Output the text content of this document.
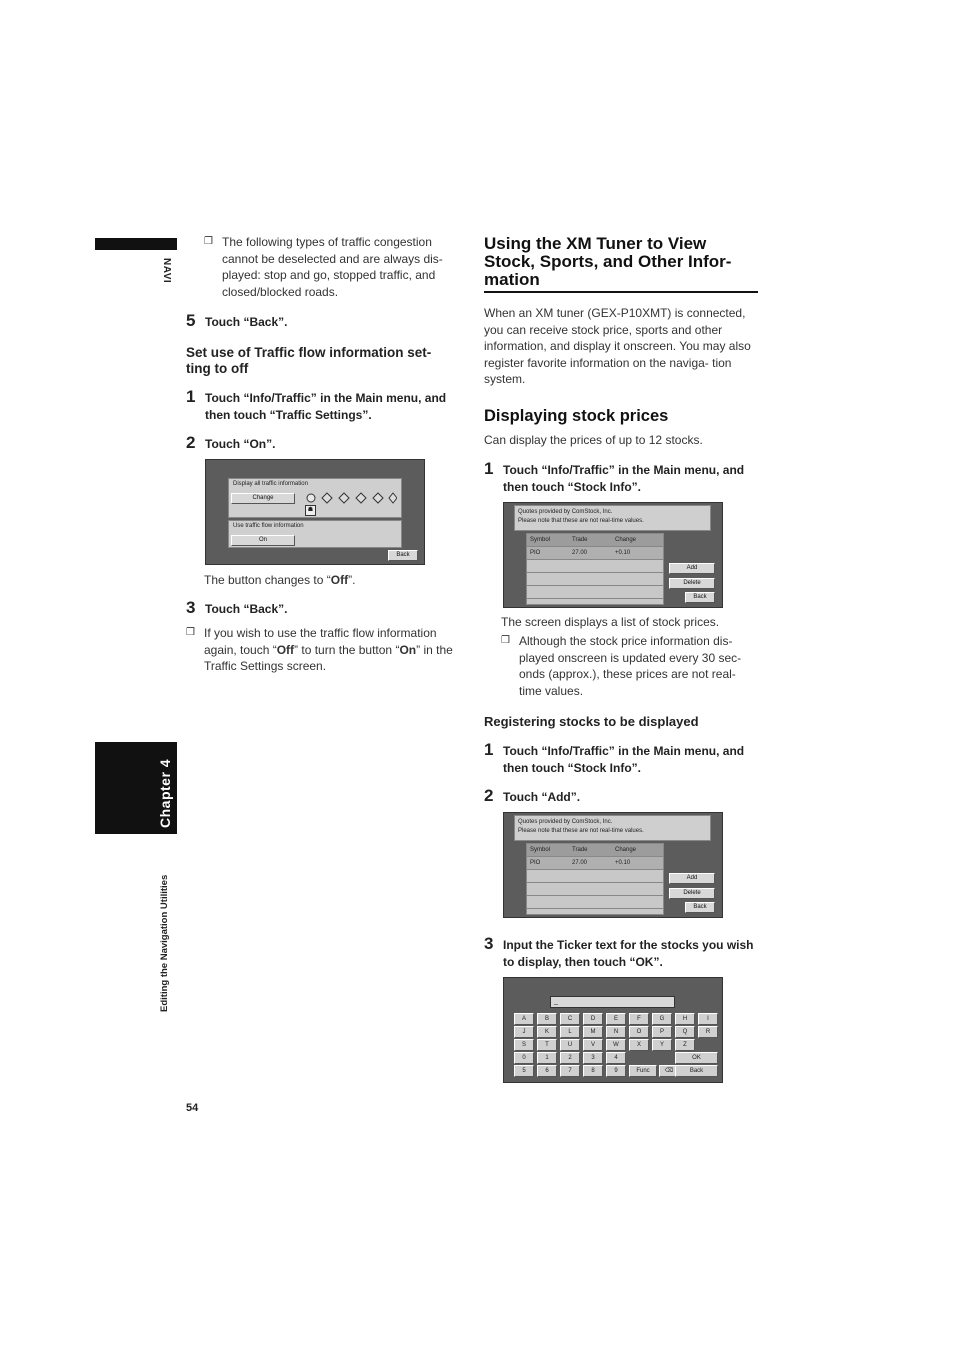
NAVI
Chapter 4
Editing the Navigation Utilities
54
❒ The following types of traffic congestion cannot be deselected and are always dis- played: stop and go, stopped traffic, and closed/blocked roads.
5 Touch “Back”.
Set use of Traffic flow information set- ting to off
1 Touch “Info/Traffic” in the Main menu, and then touch “Traffic Settings”.
2 Touch “On”.
Display all traffic information
Change
☗
Use traffic flow information
On
Back
The button changes to “Off”.
3 Touch “Back”.
❒ If you wish to use the traffic flow information again, touch “Off” to turn the button “On” in the Traffic Settings screen.
Using the XM Tuner to View Stock, Sports, and Other Infor- mation
When an XM tuner (GEX-P10XMT) is connected, you can receive stock price, sports and other information, and display it onscreen. You may also register favorite information on the naviga- tion system.
Displaying stock prices
Can display the prices of up to 12 stocks.
1 Touch “Info/Traffic” in the Main menu, and then touch “Stock Info”.
Quotes provided by ComStock, Inc.
Please note that these are not real-time values.
Symbol	Trade	Change
PIO	27.00	+0.10
Add
Delete
Back
The screen displays a list of stock prices.
❒ Although the stock price information dis- played onscreen is updated every 30 sec- onds (approx.), these prices are not real- time values.
Registering stocks to be displayed
1 Touch “Info/Traffic” in the Main menu, and then touch “Stock Info”.
2 Touch “Add”.
Quotes provided by ComStock, Inc.
Please note that these are not real-time values.
Symbol	Trade	Change
PIO	27.00	+0.10
Add
Delete
Back
3 Input the Ticker text for the stocks you wish to display, then touch “OK”.
_
A	B	C	D	E	F	G	H	I
J	K	L	M	N	O	P	Q	R
S	T	U	V	W	X	Y	Z
0	1	2	3	4	OK
5	6	7	8	9	Func	⌫	Back
